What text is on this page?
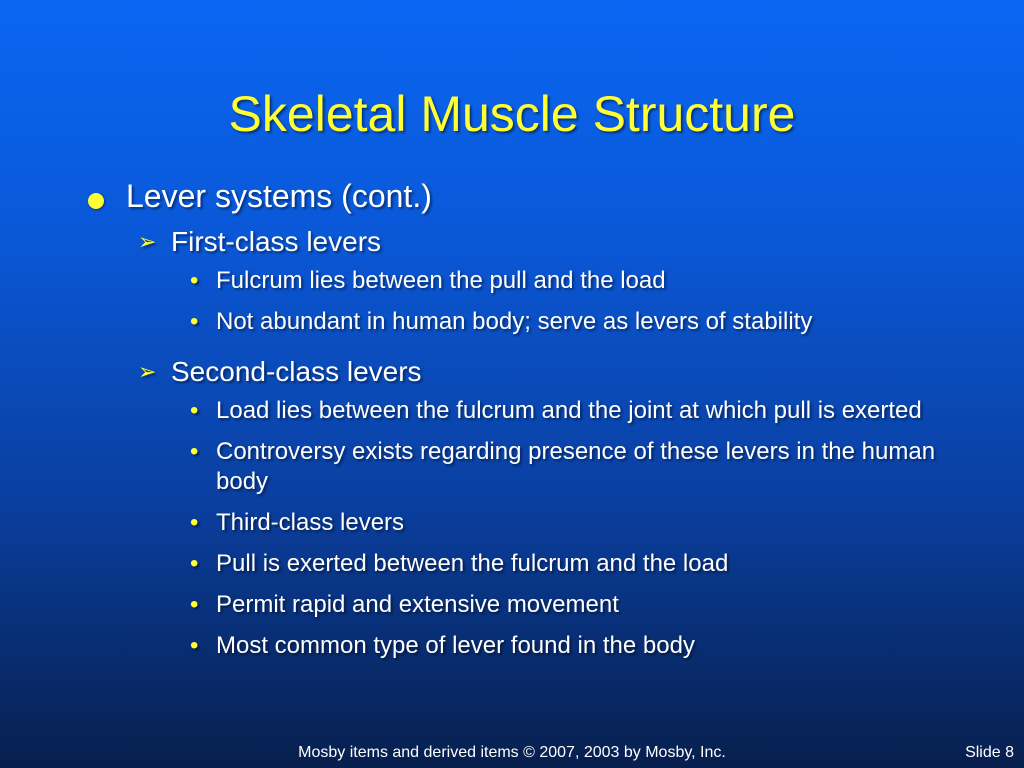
Skeletal Muscle Structure
Lever systems (cont.)
➢ First-class levers
• Fulcrum lies between the pull and the load
• Not abundant in human body; serve as levers of stability
➢ Second-class levers
• Load lies between the fulcrum and the joint at which pull is exerted
• Controversy exists regarding presence of these levers in the human body
• Third-class levers
• Pull is exerted between the fulcrum and the load
• Permit rapid and extensive movement
• Most common type of lever found in the body
Mosby items and derived items © 2007, 2003 by Mosby, Inc.	Slide 8
